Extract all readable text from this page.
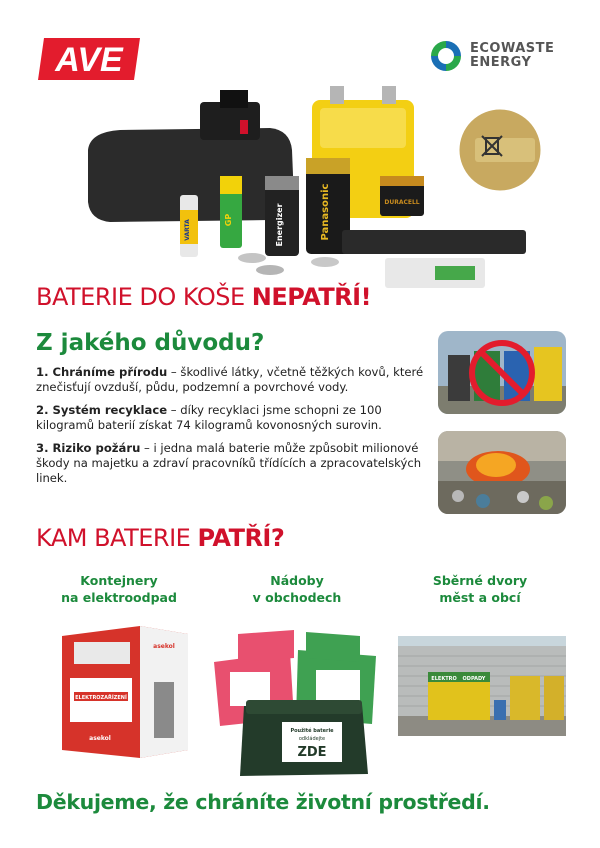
AVE	ECOWASTE
ENERGY
VARTA	GP	Energizer	Panasonic	DURACELL
BATERIE DO KOŠE NEPATŘÍ!
Z jakého důvodu?
1. Chráníme přírodu – škodlivé látky, včetně těžkých kovů, které znečisťují ovzduší, půdu, podzemní a povrchové vody.
2. Systém recyklace – díky recyklaci jsme schopni ze 100 kilogramů baterií získat 74 kilogramů kovonosných surovin.
3. Riziko požáru – i jedna malá baterie může způsobit milionové škody na majetku a zdraví pracovníků třídících a zpracovatelských linek.
KAM BATERIE PATŘÍ?
Kontejnery
na elektroodpad
Nádoby
v obchodech
Sběrné dvory
měst a obcí
ELEKTROZAŘÍZENÍ
asekol
asekol
Použité baterie
odkládejte
ZDE
ELEKTRO ODPADY
Děkujeme, že chráníte životní prostředí.
